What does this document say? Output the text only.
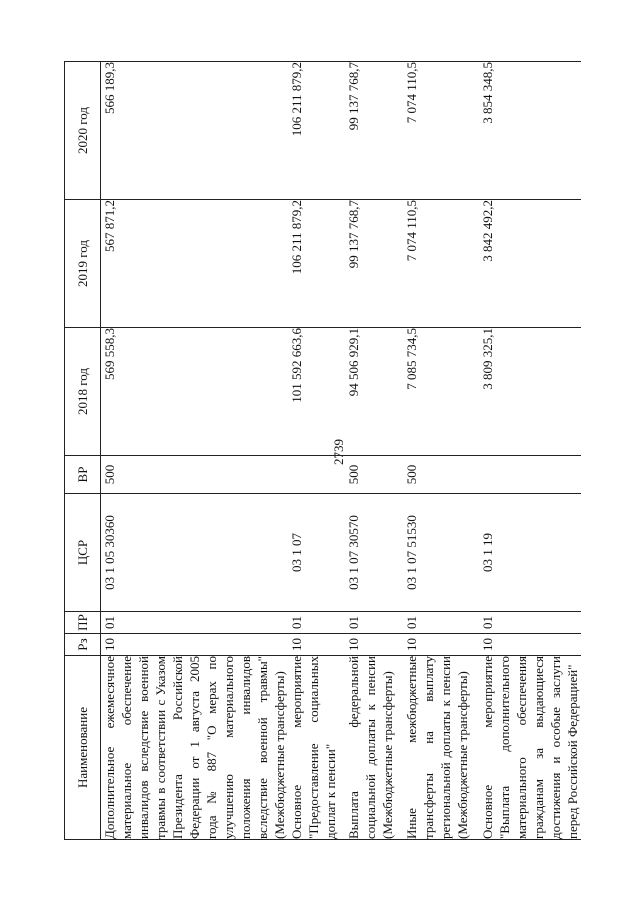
2739
Наименование	Рз	ПР	ЦСР	ВР	2018 год	2019 год	2020 год
Дополнительное ежемесячное материальное обеспечение инвалидов вследствие военной травмы в соответствии с Указом Президента Российской Федерации от 1 августа 2005 года № 887 "О мерах по улучшению материального положения инвалидов вследствие военной травмы" (Межбюджетные трансферты)	10	01	03 1 05 30360	500	569 558,3	567 871,2	566 189,3
Основное мероприятие "Предоставление социальных доплат к пенсии"	10	01	03 1 07		101 592 663,6	106 211 879,2	106 211 879,2
Выплата федеральной социальной доплаты к пенсии (Межбюджетные трансферты)	10	01	03 1 07 30570	500	94 506 929,1	99 137 768,7	99 137 768,7
Иные межбюджетные трансферты на выплату региональной доплаты к пенсии (Межбюджетные трансферты)	10	01	03 1 07 51530	500	7 085 734,5	7 074 110,5	7 074 110,5
Основное мероприятие "Выплата дополнительного материального обеспечения гражданам за выдающиеся достижения и особые заслуги перед Российской Федерацией"	10	01	03 1 19		3 809 325,1	3 842 492,2	3 854 348,5
